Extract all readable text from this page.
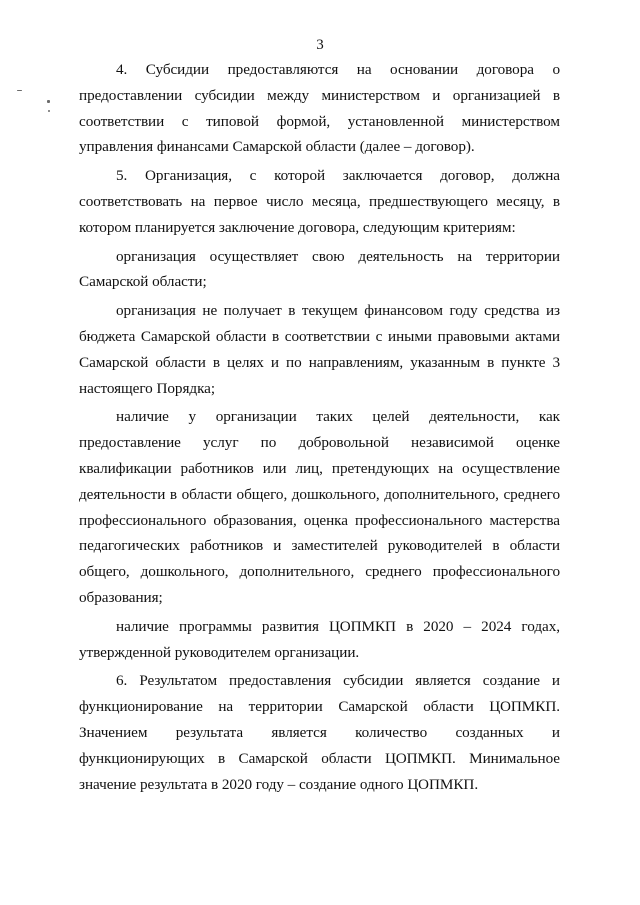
3

4. Субсидии предоставляются на основании договора о предоставлении субсидии между министерством и организацией в соответствии с типовой формой, установленной министерством управления финансами Самарской области (далее – договор).

5. Организация, с которой заключается договор, должна соответствовать на первое число месяца, предшествующего месяцу, в котором планируется заключение договора, следующим критериям:

организация осуществляет свою деятельность на территории Самарской области;

организация не получает в текущем финансовом году средства из бюджета Самарской области в соответствии с иными правовыми актами Самарской области в целях и по направлениям, указанным в пункте 3 настоящего Порядка;

наличие у организации таких целей деятельности, как предоставление услуг по добровольной независимой оценке квалификации работников или лиц, претендующих на осуществление деятельности в области общего, дошкольного, дополнительного, среднего профессионального образования, оценка профессионального мастерства педагогических работников и заместителей руководителей в области общего, дошкольного, дополнительного, среднего профессионального образования;

наличие программы развития ЦОПМКП в 2020 – 2024 годах, утвержденной руководителем организации.

6. Результатом предоставления субсидии является создание и функционирование на территории Самарской области ЦОПМКП. Значением результата является количество созданных и функционирующих в Самарской области ЦОПМКП. Минимальное значение результата в 2020 году – создание одного ЦОПМКП.
